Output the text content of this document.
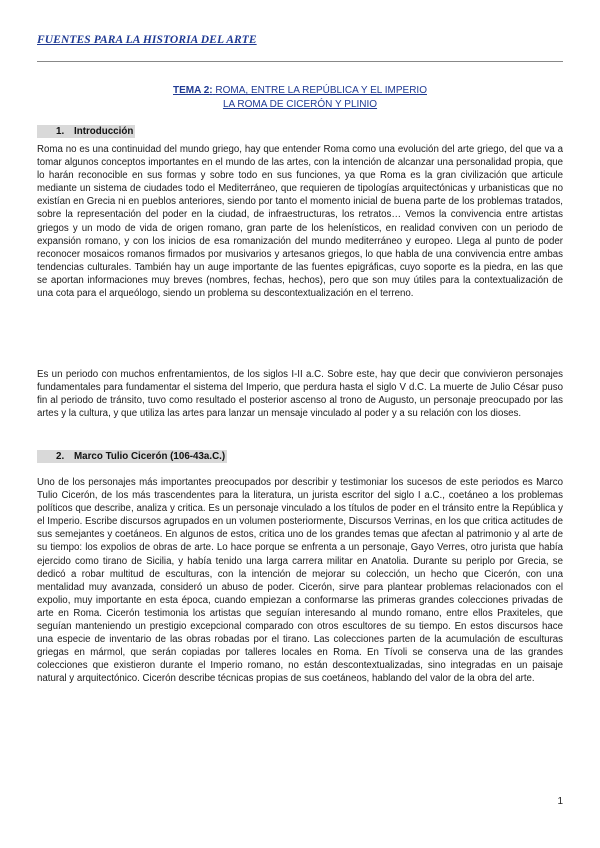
FUENTES PARA LA HISTORIA DEL ARTE
TEMA 2: ROMA, ENTRE LA REPÚBLICA Y EL IMPERIO
LA ROMA DE CICERÓN Y PLINIO
1. Introducción

Roma no es una continuidad del mundo griego, hay que entender Roma como una evolución del arte griego, del que va a tomar algunos conceptos importantes en el mundo de las artes, con la intención de alcanzar una personalidad propia, que lo harán reconocible en sus formas y sobre todo en sus funciones, ya que Roma es la gran civilización que articule mediante un sistema de ciudades todo el Mediterráneo, que requieren de tipologías arquitectónicas y urbanisticas que no existían en Grecia ni en pueblos anteriores, siendo por tanto el momento inicial de buena parte de los problemas tratados, sobre la representación del poder en la ciudad, de infraestructuras, los retratos… Vemos la convivencia entre artistas griegos y un modo de vida de origen romano, gran parte de los helenísticos, en realidad conviven con un periodo de expansión romano, y con los inicios de esa romanización del mundo mediterráneo y europeo. Llega al punto de poder reconocer mosaicos romanos firmados por musivarios y artesanos griegos, lo que habla de una convivencia entre ambas tendencias culturales. También hay un auge importante de las fuentes epigráficas, cuyo soporte es la piedra, en las que se aportan informaciones muy breves (nombres, fechas, hechos), pero que son muy útiles para la contextualización de una cota para el arqueólogo, siendo un problema su descontextualización en el terreno.

Es un periodo con muchos enfrentamientos, de los siglos I-II a.C. Sobre este, hay que decir que convivieron personajes fundamentales para fundamentar el sistema del Imperio, que perdura hasta el siglo V d.C. La muerte de Julio César puso fin al periodo de tránsito, tuvo como resultado el posterior ascenso al trono de Augusto, un personaje preocupado por las artes y la cultura, y que utiliza las artes para lanzar un mensaje vinculado al poder y a su relación con los dioses.

2. Marco Tulio Cicerón (106-43a.C.)

Uno de los personajes más importantes preocupados por describir y testimoniar los sucesos de este periodos es Marco Tulio Cicerón, de los más trascendentes para la literatura, un jurista escritor del siglo I a.C., coetáneo a los problemas políticos que describe, analiza y critica. Es un personaje vinculado a los títulos de poder en el tránsito entre la República y el Imperio. Escribe discursos agrupados en un volumen posteriormente, Discursos Verrinas, en los que critica actitudes de sus semejantes y coetáneos. En algunos de estos, critica uno de los grandes temas que afectan al patrimonio y al arte de su tiempo: los expolios de obras de arte. Lo hace porque se enfrenta a un personaje, Gayo Verres, otro jurista que había ejercido como tirano de Sicilia, y había tenido una larga carrera militar en Anatolia. Durante su periplo por Grecia, se dedicó a robar multitud de esculturas, con la intención de mejorar su colección, un hecho que Cicerón, con una mentalidad muy avanzada, consideró un abuso de poder. Cicerón, sirve para plantear problemas relacionados con el expolio, muy importante en esta época, cuando empiezan a conformarse las primeras grandes colecciones privadas de arte en Roma. Cicerón testimonia los artistas que seguían interesando al mundo romano, entre ellos Praxiteles, que seguían manteniendo un prestigio excepcional comparado con otros escultores de su tiempo. En estos discursos hace una especie de inventario de las obras robadas por el tirano. Las colecciones parten de la acumulación de esculturas griegas en mármol, que serán copiadas por talleres locales en Roma. En Tívoli se conserva una de las grandes colecciones que existieron durante el Imperio romano, no están descontextualizadas, sino integradas en un paisaje natural y arquitectónico. Cicerón describe técnicas propias de sus coetáneos, hablando del valor de la obra del arte.

1
